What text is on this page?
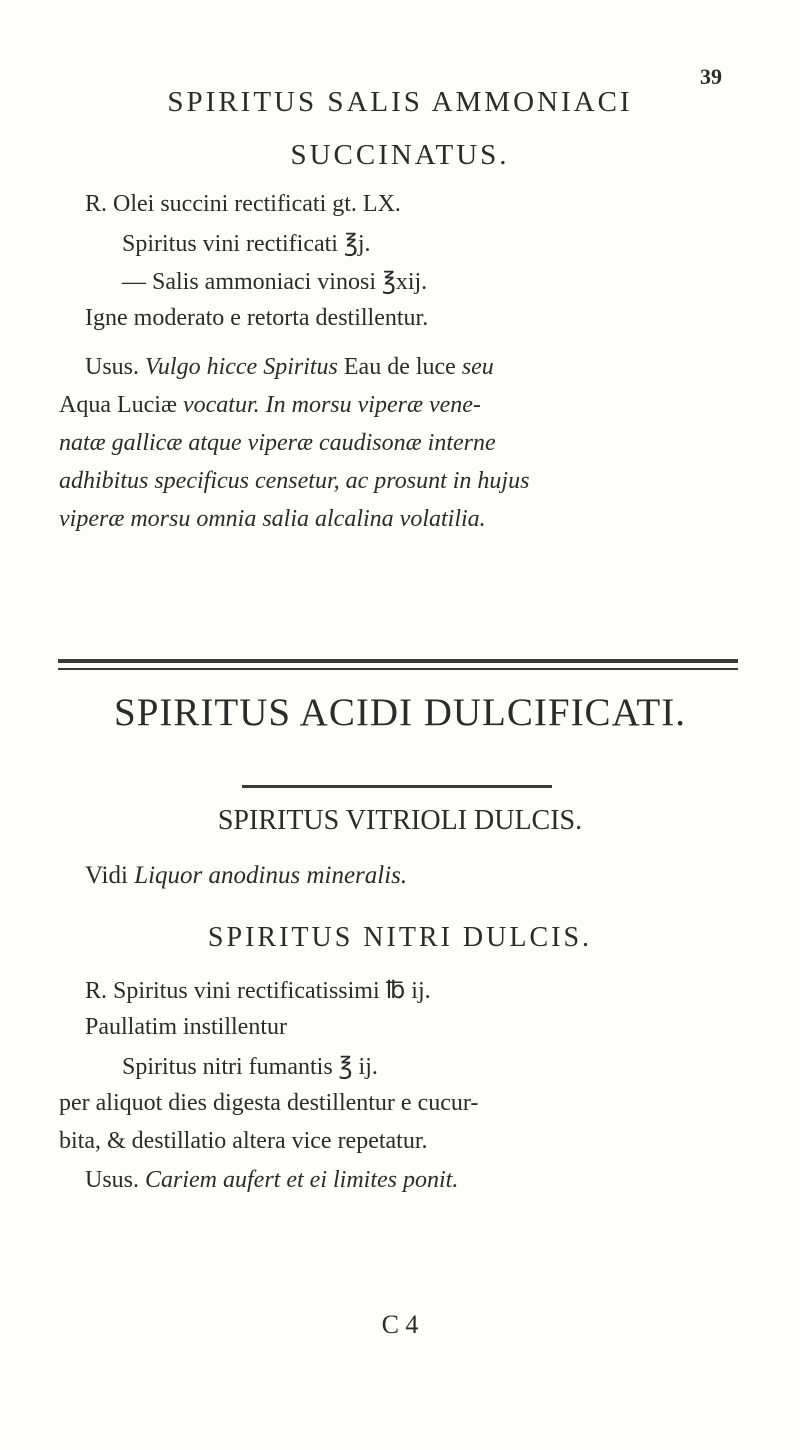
39
SPIRITUS SALIS AMMONIACI
SUCCINATUS.
R. Olei succini rectificati gt. LX.
Spiritus vini rectificati ℥j.
— Salis ammoniaci vinosi ℥xij.
Igne moderato e retorta destillentur.
Usus. Vulgo hicce Spiritus Eau de luce seu
Aqua Luciæ vocatur. In morsu viperæ vene-
natæ gallicæ atque viperæ caudisonæ interne
adhibitus specificus censetur, ac prosunt in hujus
viperæ morsu omnia salia alcalina volatilia.
SPIRITUS ACIDI DULCIFICATI.
SPIRITUS VITRIOLI DULCIS.
Vidi Liquor anodinus mineralis.
SPIRITUS NITRI DULCIS.
R. Spiritus vini rectificatissimi ℔ ij.
Paullatim instillentur
Spiritus nitri fumantis ℥ ij.
per aliquot dies digesta destillentur e cucur-
bita, & destillatio altera vice repetatur.
Usus. Cariem aufert et ei limites ponit.
C 4
